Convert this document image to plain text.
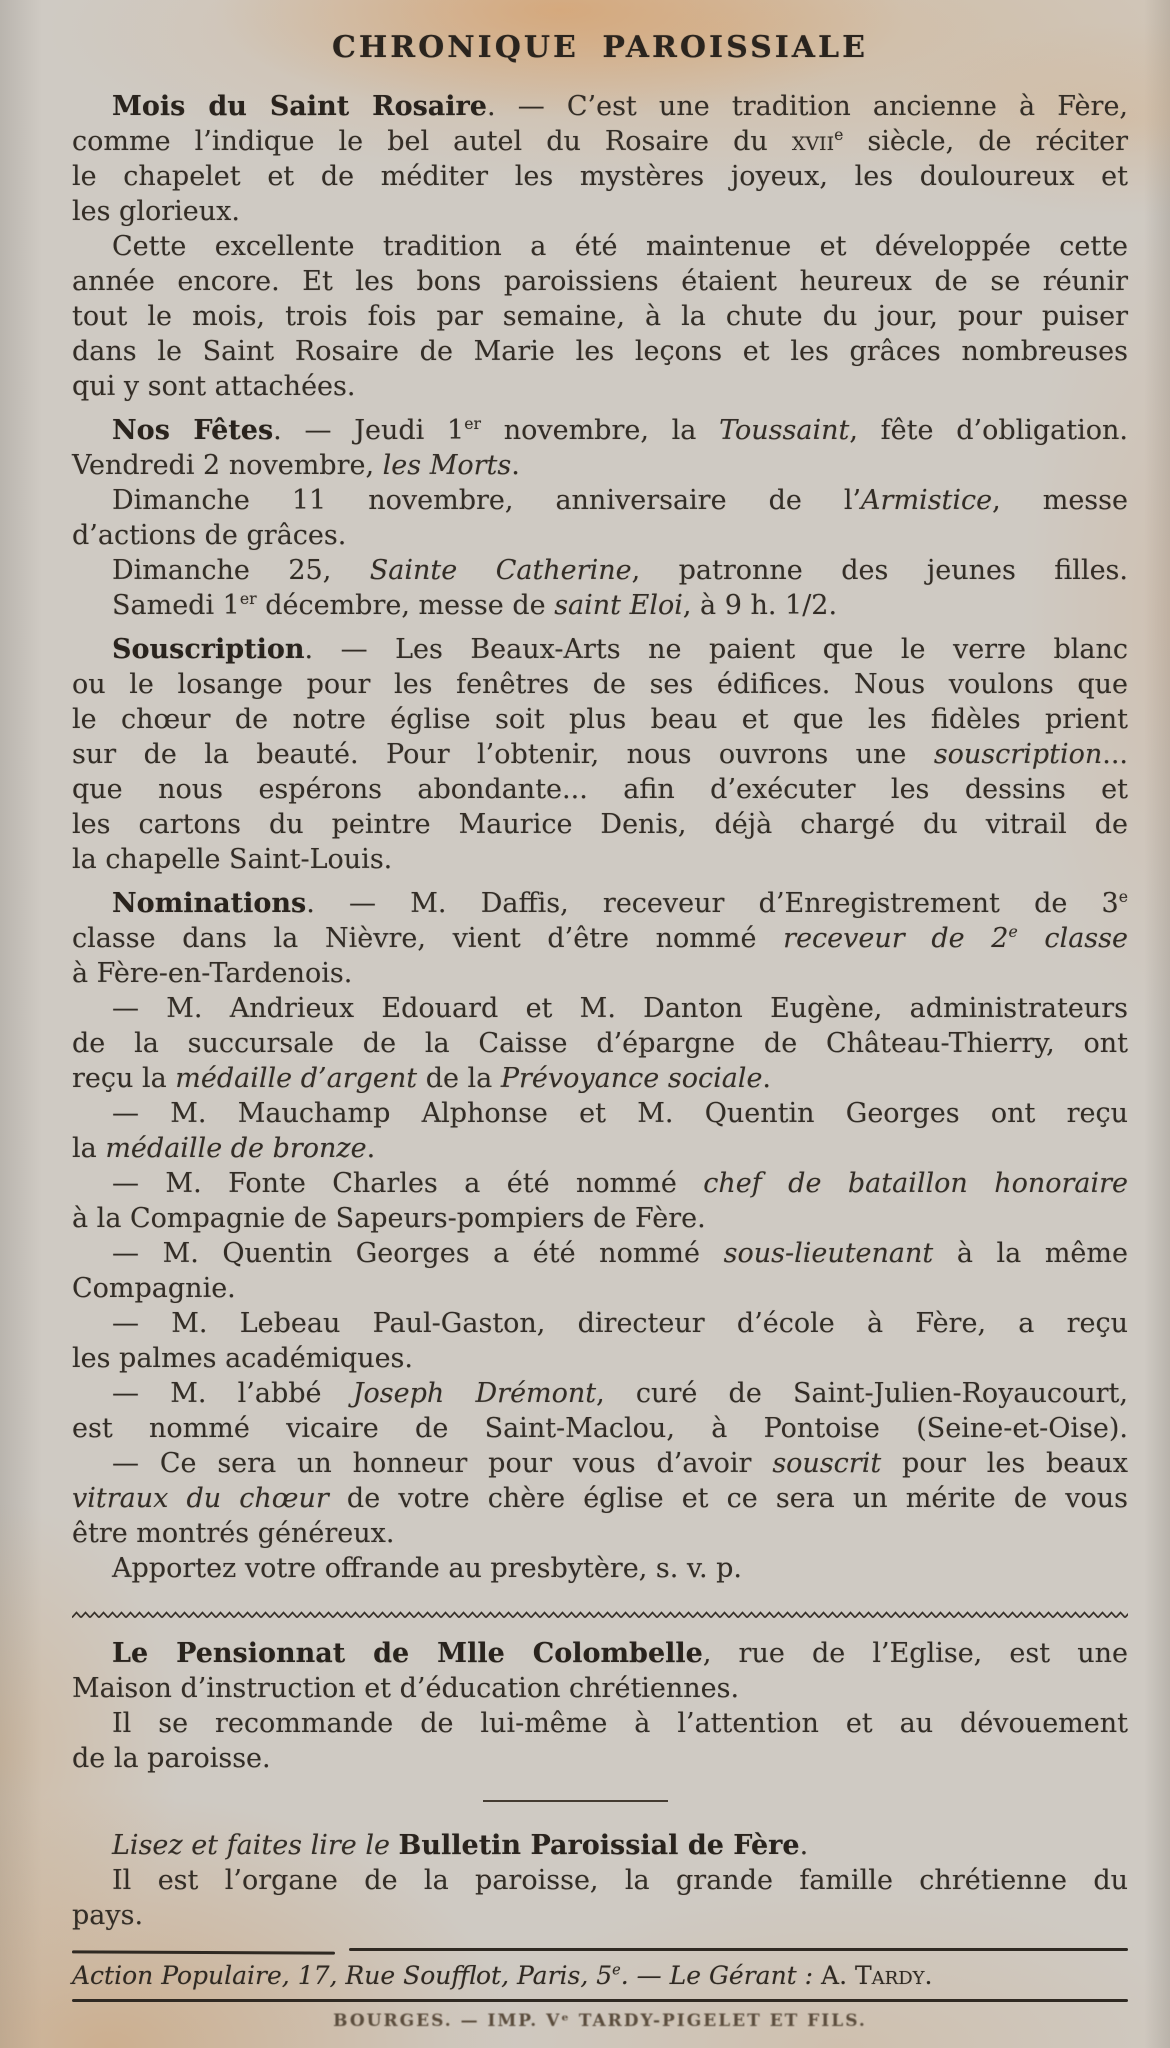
CHRONIQUE PAROISSIALE

Mois du Saint Rosaire. — C’est une tradition ancienne à Fère,
comme l’indique le bel autel du Rosaire du xvii$^e$ siècle, de réciter
le chapelet et de méditer les mystères joyeux, les douloureux et
les glorieux.

Cette excellente tradition a été maintenue et développée cette
année encore. Et les bons paroissiens étaient heureux de se réunir
tout le mois, trois fois par semaine, à la chute du jour, pour puiser
dans le Saint Rosaire de Marie les leçons et les grâces nombreuses
qui y sont attachées.

Nos Fêtes. — Jeudi 1er novembre, la Toussaint, fête d’obligation.
Vendredi 2 novembre, les Morts.

Dimanche 11 novembre, anniversaire de l’Armistice, messe
d’actions de grâces.

Dimanche 25, Sainte Catherine, patronne des jeunes filles.

Samedi 1er décembre, messe de saint Eloi, à 9 h. 1/2.

Souscription. — Les Beaux-Arts ne paient que le verre blanc
ou le losange pour les fenêtres de ses édifices. Nous voulons que
le chœur de notre église soit plus beau et que les fidèles prient
sur de la beauté. Pour l’obtenir, nous ouvrons une souscription...
que nous espérons abondante... afin d’exécuter les dessins et
les cartons du peintre Maurice Denis, déjà chargé du vitrail de
la chapelle Saint-Louis.

Nominations. — M. Daffis, receveur d’Enregistrement de 3e
classe dans la Nièvre, vient d’être nommé receveur de 2e classe
à Fère-en-Tardenois.

— M. Andrieux Edouard et M. Danton Eugène, administrateurs
de la succursale de la Caisse d’épargne de Château-Thierry, ont
reçu la médaille d’argent de la Prévoyance sociale.

— M. Mauchamp Alphonse et M. Quentin Georges ont reçu
la médaille de bronze.

— M. Fonte Charles a été nommé chef de bataillon honoraire
à la Compagnie de Sapeurs-pompiers de Fère.

— M. Quentin Georges a été nommé sous-lieutenant à la même
Compagnie.

— M. Lebeau Paul-Gaston, directeur d’école à Fère, a reçu
les palmes académiques.

— M. l’abbé Joseph Drémont, curé de Saint-Julien-Royaucourt,
est nommé vicaire de Saint-Maclou, à Pontoise (Seine-et-Oise).

— Ce sera un honneur pour vous d’avoir souscrit pour les beaux
vitraux du chœur de votre chère église et ce sera un mérite de vous
être montrés généreux.

Apportez votre offrande au presbytère, s. v. p.

Le Pensionnat de Mlle Colombelle, rue de l’Eglise, est une
Maison d’instruction et d’éducation chrétiennes.

Il se recommande de lui-même à l’attention et au dévouement
de la paroisse.

Lisez et faites lire le Bulletin Paroissial de Fère.

Il est l’organe de la paroisse, la grande famille chrétienne du
pays.

Action Populaire, 17, Rue Soufflot, Paris, 5e. — Le Gérant : A. Tardy.
BOURGES. — IMP. Vᵉ TARDY-PIGELET ET FILS.
